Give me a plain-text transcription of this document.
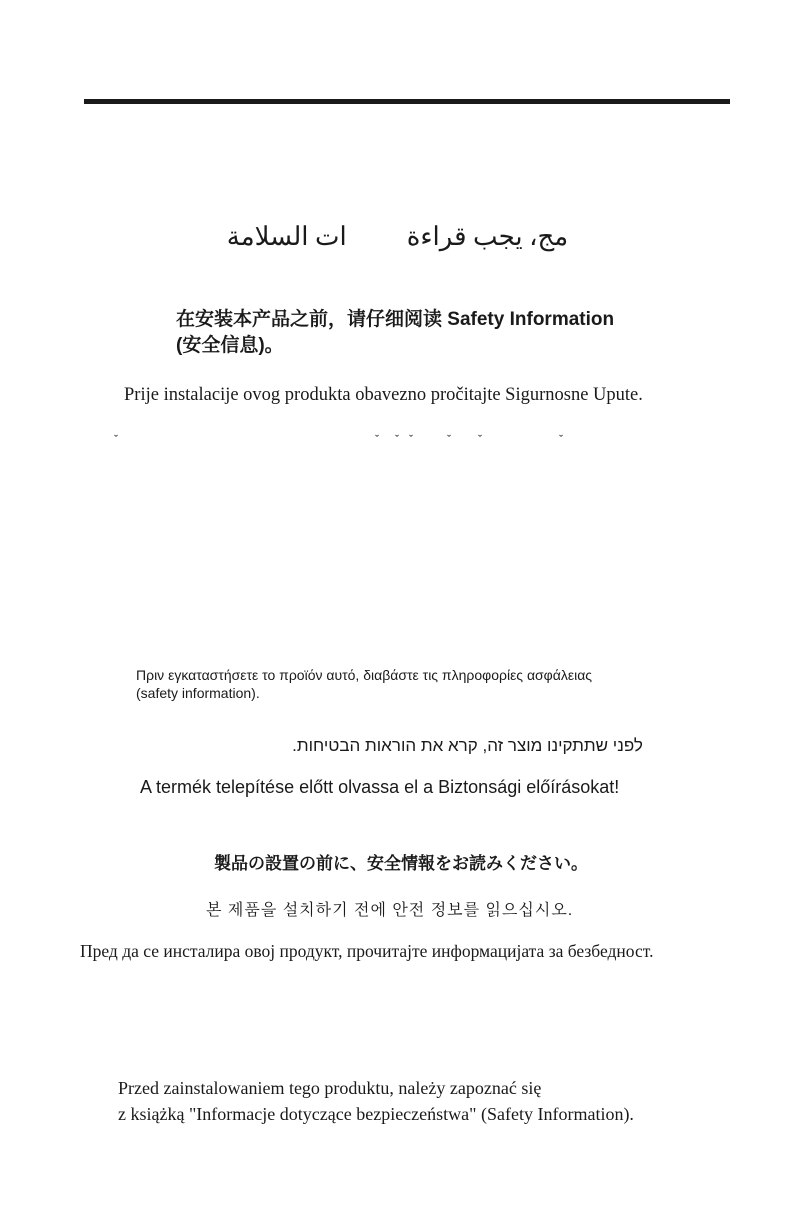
مج، يجب قراءةات السلامة
在安装本产品之前，请仔细阅读 Safety Information
(安全信息)。
Prije instalacije ovog produkta obavezno pročitajte Sigurnosne Upute.
ˇ	ˇ ˇ ˇ	ˇ ˇ	ˇ
Πριν εγκαταστήσετε το προϊόν αυτό, διαβάστε τις πληροφορίες ασφάλειας
(safety information).
לפני שתתקינו מוצר זה, קרא את הוראות הבטיחות.
A termék telepítése előtt olvassa el a Biztonsági előírásokat!
製品の設置の前に、安全情報をお読みください。
본 제품을 설치하기 전에 안전 정보를 읽으십시오.
Пред да се инсталира овој продукт, прочитајте информацијата за безбедност.
Przed zainstalowaniem tego produktu, należy zapoznać się
z książką "Informacje dotyczące bezpieczeństwa" (Safety Information).
